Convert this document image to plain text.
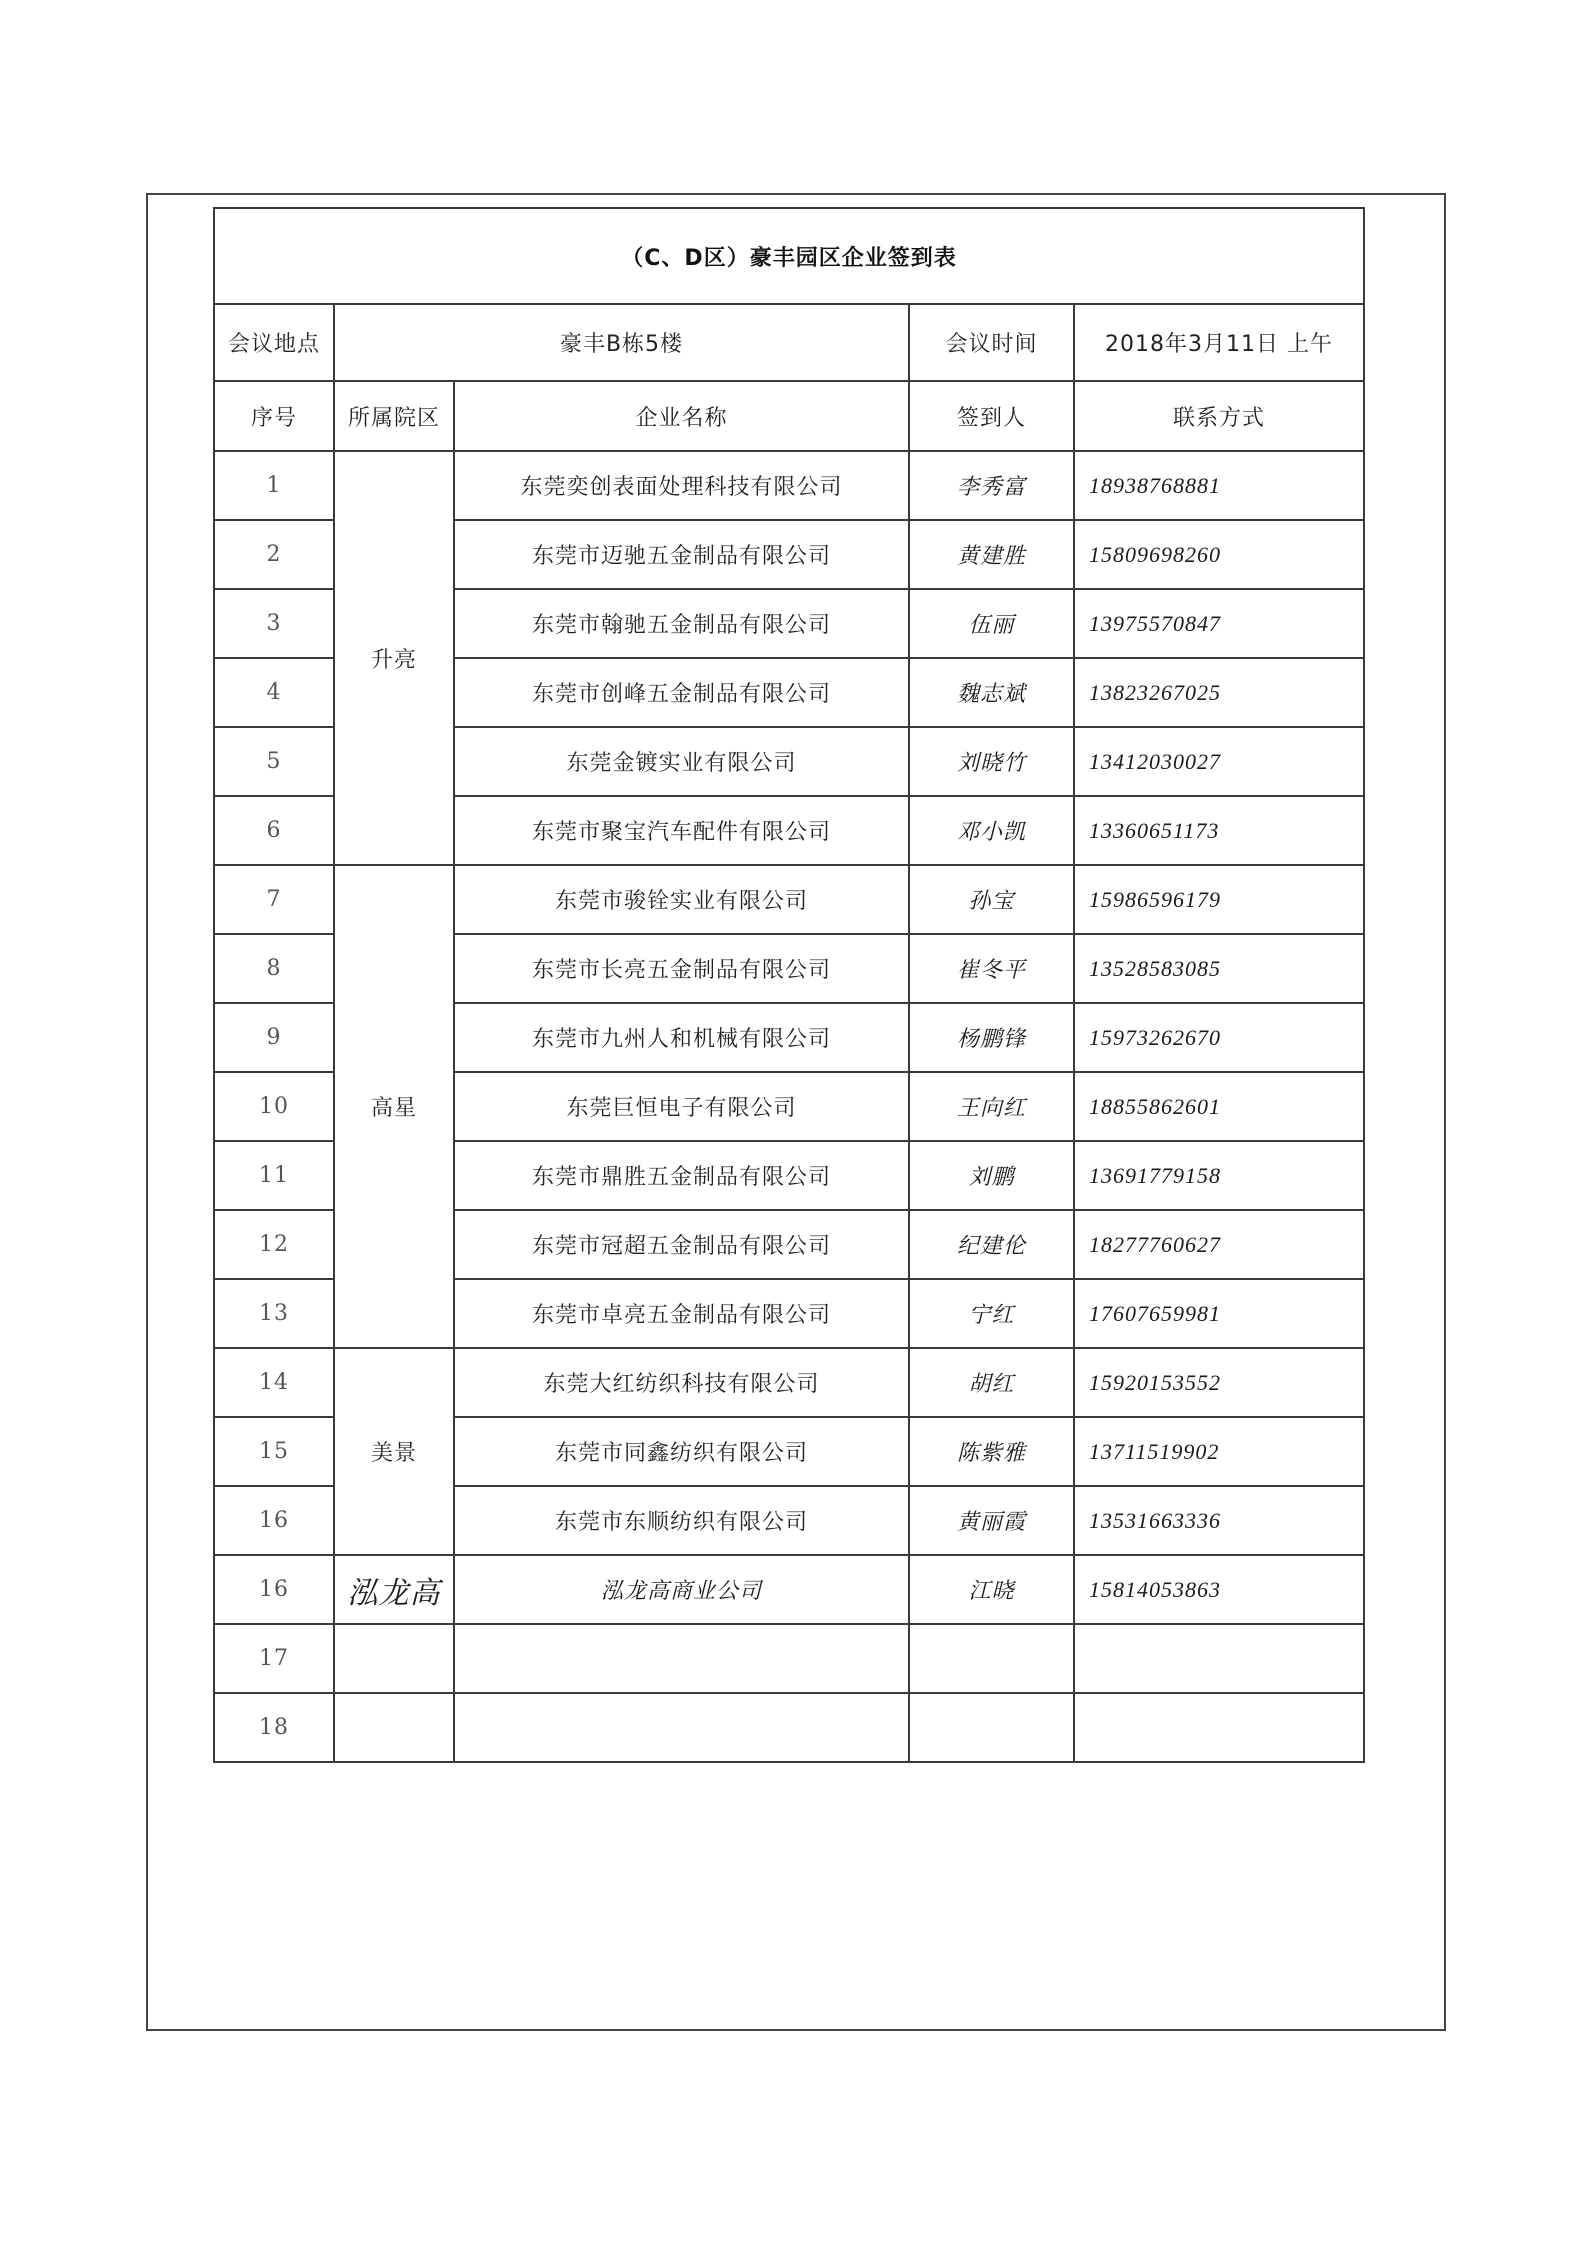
（C、D区）豪丰园区企业签到表				
会议地点	豪丰B栋5楼		会议时间	2018年3月11日 上午
序号	所属院区	企业名称	签到人	联系方式
1	升亮	东莞奕创表面处理科技有限公司	李秀富	18938768881
2		东莞市迈驰五金制品有限公司	黄建胜	15809698260
3		东莞市翰驰五金制品有限公司	伍丽	13975570847
4		东莞市创峰五金制品有限公司	魏志斌	13823267025
5		东莞金镀实业有限公司	刘晓竹	13412030027
6		东莞市聚宝汽车配件有限公司	邓小凯	13360651173
7	高星	东莞市骏铨实业有限公司	孙宝	15986596179
8		东莞市长亮五金制品有限公司	崔冬平	13528583085
9		东莞市九州人和机械有限公司	杨鹏锋	15973262670
10		东莞巨恒电子有限公司	王向红	18855862601
11		东莞市鼎胜五金制品有限公司	刘鹏	13691779158
12		东莞市冠超五金制品有限公司	纪建伦	18277760627
13		东莞市卓亮五金制品有限公司	宁红	17607659981
14	美景	东莞大红纺织科技有限公司	胡红	15920153552
15		东莞市同鑫纺织有限公司	陈紫雅	13711519902
16		东莞市东顺纺织有限公司	黄丽霞	13531663336
16	泓龙高	泓龙高商业公司	江晓	15814053863
17				
18				
